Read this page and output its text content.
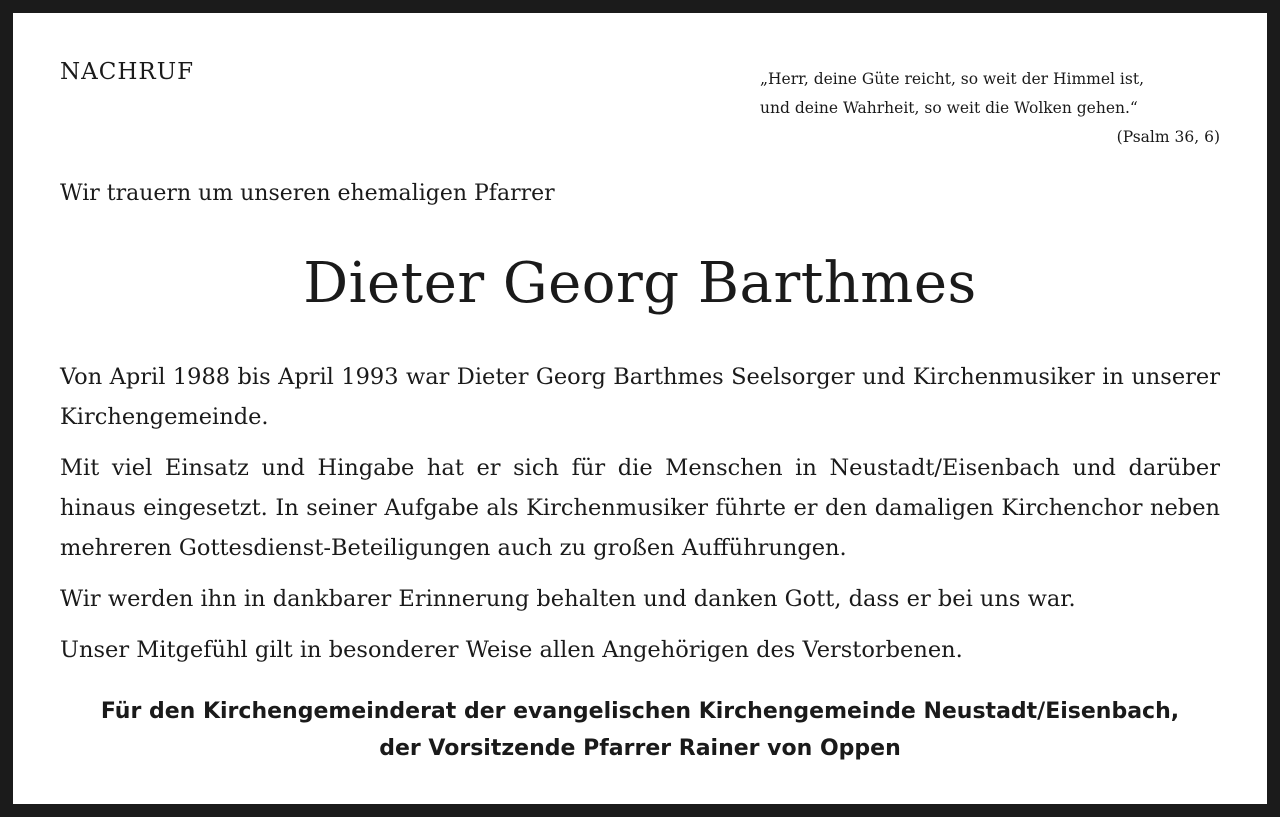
NACHRUF	„Herr, deine Güte reicht, so weit der Himmel ist,
und deine Wahrheit, so weit die Wolken gehen.“
(Psalm 36, 6)

Wir trauern um unseren ehemaligen Pfarrer

Dieter Georg Barthmes

Von April 1988 bis April 1993 war Dieter Georg Barthmes Seelsorger und Kirchenmusiker in unserer Kirchengemeinde.

Mit viel Einsatz und Hingabe hat er sich für die Menschen in Neustadt/Eisenbach und darüber hinaus eingesetzt. In seiner Aufgabe als Kirchenmusiker führte er den damaligen Kirchenchor neben mehreren Gottesdienst-Beteiligungen auch zu großen Aufführungen.

Wir werden ihn in dankbarer Erinnerung behalten und danken Gott, dass er bei uns war.

Unser Mitgefühl gilt in besonderer Weise allen Angehörigen des Verstorbenen.

Für den Kirchengemeinderat der evangelischen Kirchengemeinde Neustadt/Eisenbach,
der Vorsitzende Pfarrer Rainer von Oppen
